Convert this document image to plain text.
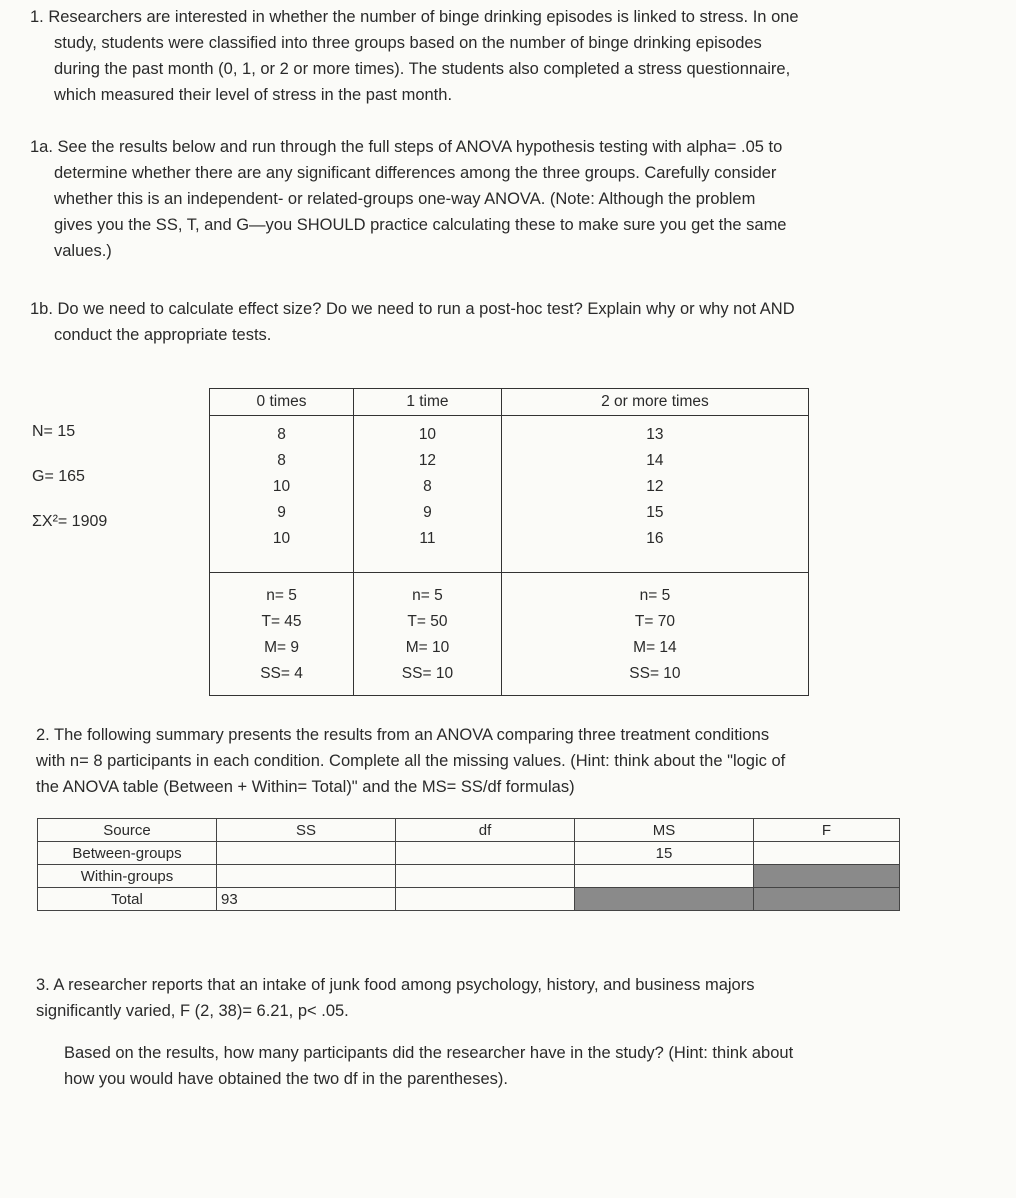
1. Researchers are interested in whether the number of binge drinking episodes is linked to stress. In one
study, students were classified into three groups based on the number of binge drinking episodes
during the past month (0, 1, or 2 or more times). The students also completed a stress questionnaire,
which measured their level of stress in the past month.
1a. See the results below and run through the full steps of ANOVA hypothesis testing with alpha= .05 to
determine whether there are any significant differences among the three groups. Carefully consider
whether this is an independent- or related-groups one-way ANOVA. (Note: Although the problem
gives you the SS, T, and G—you SHOULD practice calculating these to make sure you get the same
values.)
1b. Do we need to calculate effect size? Do we need to run a post-hoc test? Explain why or why not AND
conduct the appropriate tests.
N= 15
G= 165
ΣX²= 1909
0 times	1 time	2 or more times

8
8
10
9
10	10
12
8
9
11	13
14
12
15
16

n= 5
T= 45
M= 9
SS= 4	n= 5
T= 50
M= 10
SS= 10	n= 5
T= 70
M= 14
SS= 10
2. The following summary presents the results from an ANOVA comparing three treatment conditions
with n= 8 participants in each condition. Complete all the missing values. (Hint: think about the "logic of
the ANOVA table (Between + Within= Total)" and the MS= SS/df formulas)
Source	SS	df	MS	F
Between-groups			15	
Within-groups				
Total	93			
3. A researcher reports that an intake of junk food among psychology, history, and business majors
significantly varied, F (2, 38)= 6.21, p< .05.
Based on the results, how many participants did the researcher have in the study? (Hint: think about
how you would have obtained the two df in the parentheses).
